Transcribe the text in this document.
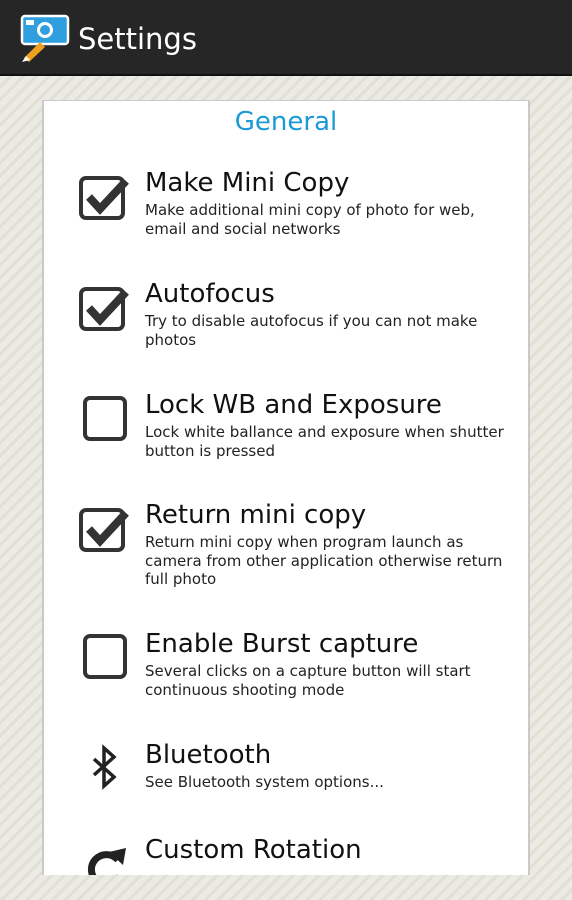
Settings
General
Make Mini Copy
Make additional mini copy of photo for web, email and social networks
Autofocus
Try to disable autofocus if you can not make photos
Lock WB and Exposure
Lock white ballance and exposure when shutter button is pressed
Return mini copy
Return mini copy when program launch as camera from other application otherwise return full photo
Enable Burst capture
Several clicks on a capture button will start continuous shooting mode
Bluetooth
See Bluetooth system options...
Custom Rotation
